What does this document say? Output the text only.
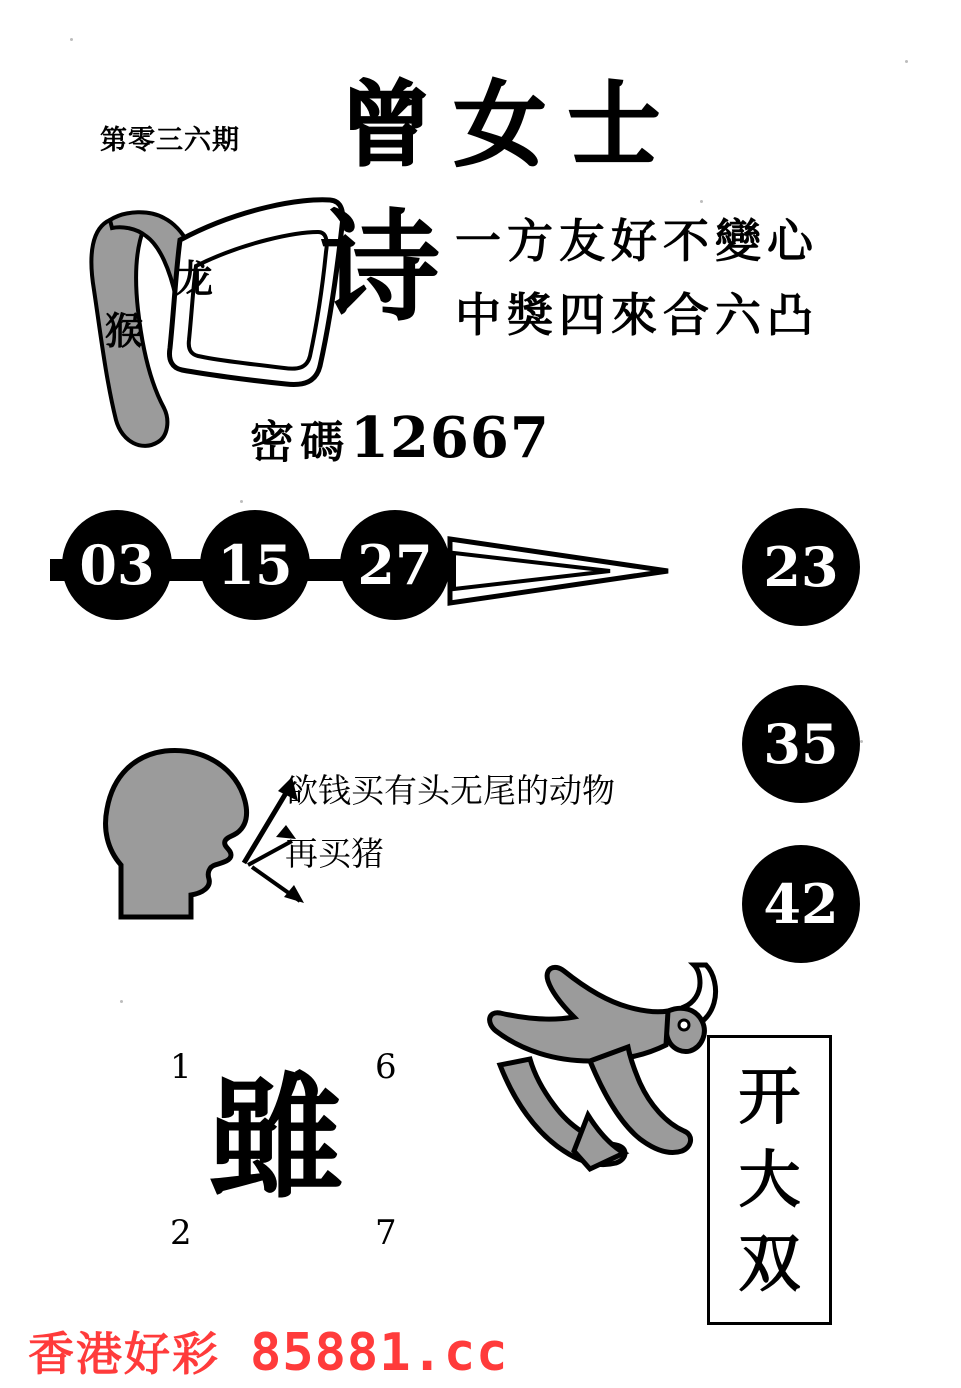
第零三六期 曾女士
龙
猴 诗 一方友好不變心
中獎四來合六凸
密碼12667
03	15	27	23
35
42
欲钱买有头无尾的动物
再买猪
1	6
2	7
雖	开
大
双
香港好彩 85881.cc
